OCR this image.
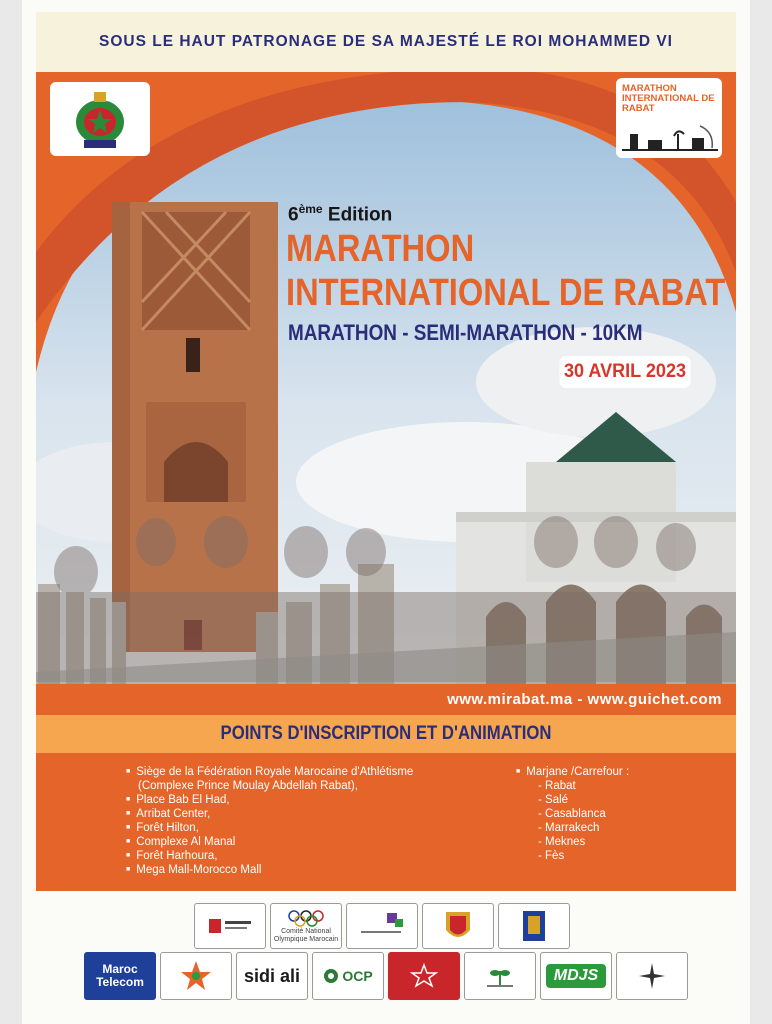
SOUS LE HAUT PATRONAGE DE SA MAJESTÉ LE ROI MOHAMMED VI
MARATHON INTERNATIONAL DE RABAT
6ème Edition
MARATHON
INTERNATIONAL DE RABAT
MARATHON - SEMI-MARATHON - 10KM
30 AVRIL 2023
www.mirabat.ma - www.guichet.com
POINTS D'INSCRIPTION ET D'ANIMATION
■ Siège de la Fédération Royale Marocaine d'Athlétisme
(Complexe Prince Moulay Abdellah Rabat),
■ Place Bab El Had,
■ Arribat Center,
■ Forêt Hilton,
■ Complexe Al Manal
■ Forêt Harhoura,
■ Mega Mall-Morocco Mall
■ Marjane /Carrefour :
- Rabat
- Salé
- Casablanca
- Marrakech
- Meknes
- Fès
Comité National
Olympique Marocain
Maroc
Telecom	sidi ali	OCP	MDJS
